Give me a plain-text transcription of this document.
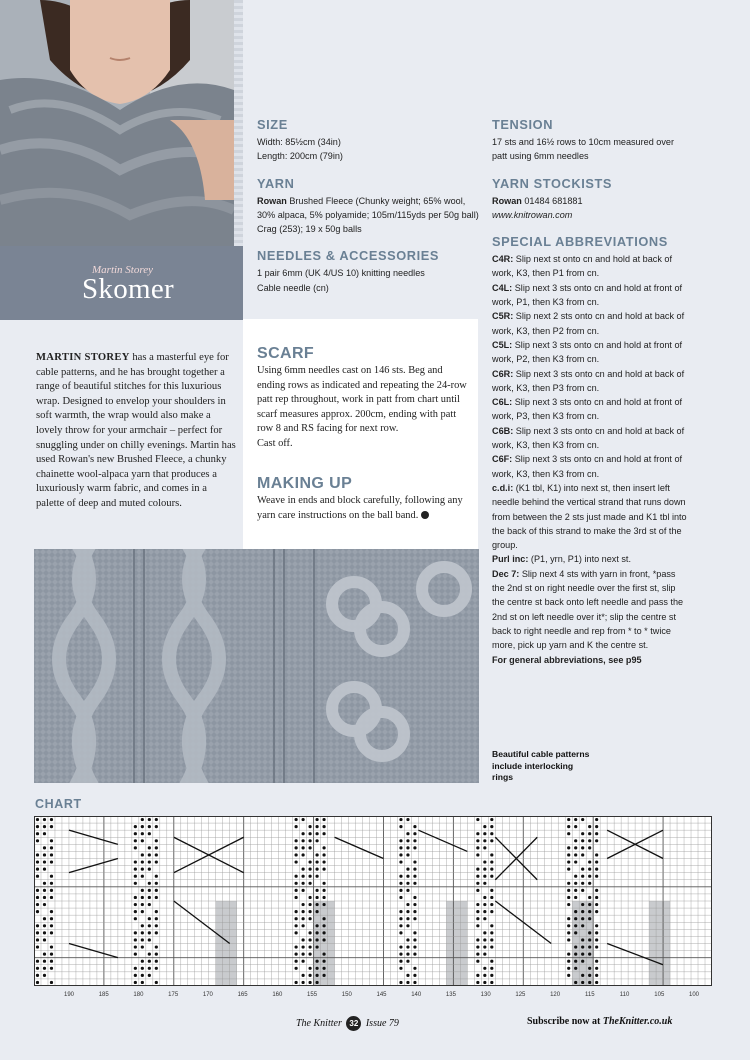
Martin Storey
Skomer
MARTIN STOREY has a masterful eye for cable patterns, and he has brought together a range of beautiful stitches for this luxurious wrap. Designed to envelop your shoulders in soft warmth, the wrap would also make a lovely throw for your armchair – perfect for snuggling under on chilly evenings. Martin has used Rowan's new Brushed Fleece, a chunky chainette wool-alpaca yarn that produces a luxuriously warm fabric, and comes in a palette of deep and muted colours.
SIZE
Width: 85½cm (34in)
Length: 200cm (79in)
YARN
Rowan Brushed Fleece (Chunky weight; 65% wool, 30% alpaca, 5% polyamide; 105m/115yds per 50g ball)
Crag (253); 19 x 50g balls
NEEDLES & ACCESSORIES
1 pair 6mm (UK 4/US 10) knitting needles
Cable needle (cn)
TENSION
17 sts and 16½ rows to 10cm measured over patt using 6mm needles
YARN STOCKISTS
Rowan 01484 681881
www.knitrowan.com
SPECIAL ABBREVIATIONS
C4R: Slip next st onto cn and hold at back of work, K3, then P1 from cn.
C4L: Slip next 3 sts onto cn and hold at front of work, P1, then K3 from cn.
C5R: Slip next 2 sts onto cn and hold at back of work, K3, then P2 from cn.
C5L: Slip next 3 sts onto cn and hold at front of work, P2, then K3 from cn.
C6R: Slip next 3 sts onto cn and hold at back of work, K3, then P3 from cn.
C6L: Slip next 3 sts onto cn and hold at front of work, P3, then K3 from cn.
C6B: Slip next 3 sts onto cn and hold at back of work, K3, then K3 from cn.
C6F: Slip next 3 sts onto cn and hold at front of work, K3, then K3 from cn.
c.d.i: (K1 tbl, K1) into next st, then insert left needle behind the vertical strand that runs down from between the 2 sts just made and K1 tbl into the back of this strand to make the 3rd st of the group.
Purl inc: (P1, yrn, P1) into next st.
Dec 7: Slip next 4 sts with yarn in front, *pass the 2nd st on right needle over the first st, slip the centre st back onto left needle and pass the 2nd st on left needle over it*; slip the centre st back to right needle and rep from * to * twice more, pick up yarn and K the centre st.
For general abbreviations, see p95
SCARF
Using 6mm needles cast on 146 sts. Beg and ending rows as indicated and repeating the 24-row patt rep throughout, work in patt from chart until scarf measures approx. 200cm, ending with patt row 8 and RS facing for next row.
Cast off.
MAKING UP
Weave in ends and block carefully, following any yarn care instructions on the ball band.
Beautiful cable patterns include interlocking rings
CHART
190	185	180	175	170	165	160	155	150	145	140	135	130	125	120	115	110	105	100
The Knitter 32 Issue 79	Subscribe now at TheKnitter.co.uk
